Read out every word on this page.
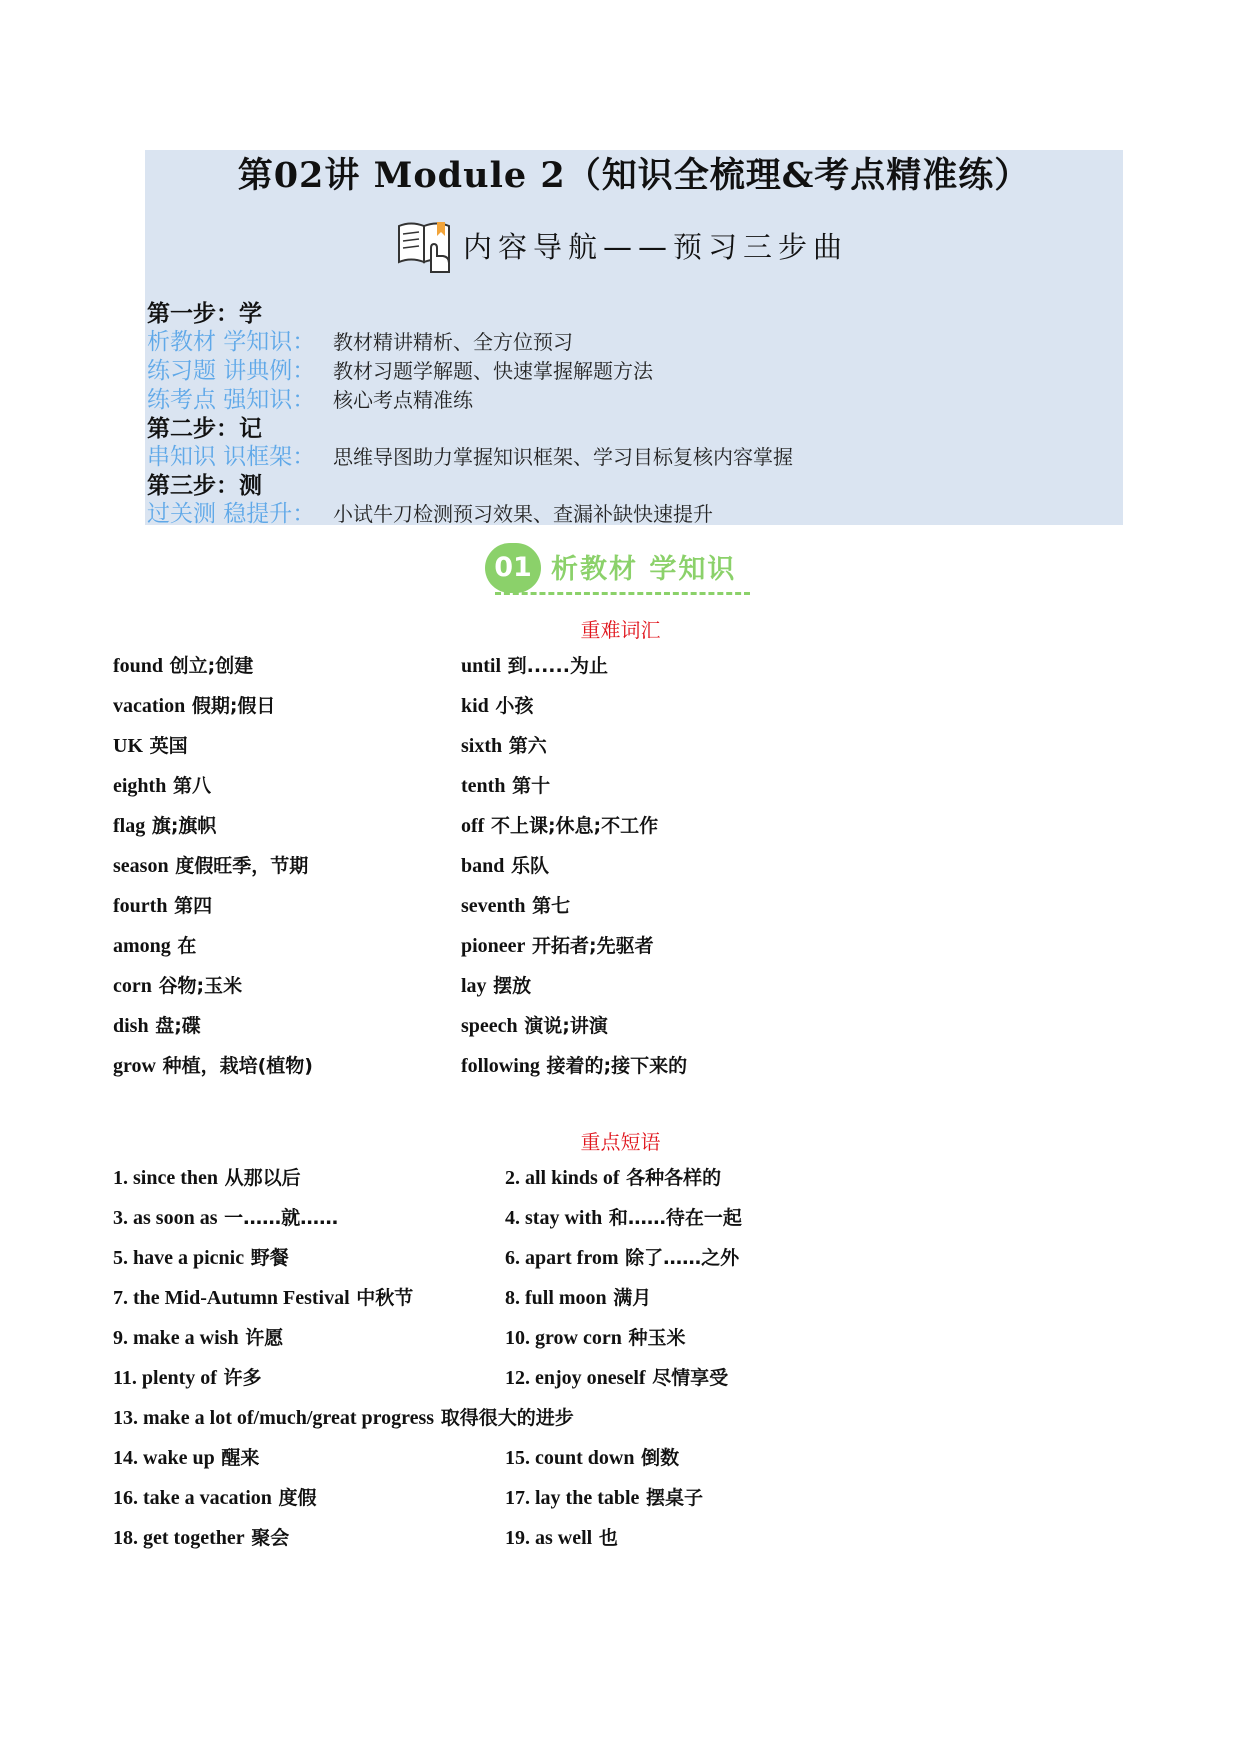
第02讲 Module 2（知识全梳理&考点精准练）
内容导航——预习三步曲
第一步：学
析教材 学知识： 教材精讲精析、全方位预习
练习题 讲典例： 教材习题学解题、快速掌握解题方法
练考点 强知识： 核心考点精准练
第二步：记
串知识 识框架： 思维导图助力掌握知识框架、学习目标复核内容掌握
第三步：测
过关测 稳提升： 小试牛刀检测预习效果、查漏补缺快速提升
01 析教材 学知识
重难词汇
found 创立;创建	until 到......为止
vacation 假期;假日	kid 小孩
UK 英国	sixth 第六
eighth 第八	tenth 第十
flag 旗;旗帜	off 不上课;休息;不工作
season 度假旺季，节期	band 乐队
fourth 第四	seventh 第七
among 在	pioneer 开拓者;先驱者
corn 谷物;玉米	lay 摆放
dish 盘;碟	speech 演说;讲演
grow 种植，栽培(植物)	following 接着的;接下来的
重点短语
1. since then 从那以后	2. all kinds of 各种各样的
3. as soon as 一……就……	4. stay with 和……待在一起
5. have a picnic 野餐	6. apart from 除了……之外
7. the Mid-Autumn Festival 中秋节	8. full moon 满月
9. make a wish 许愿	10. grow corn 种玉米
11. plenty of 许多	12. enjoy oneself 尽情享受
13. make a lot of/much/great progress 取得很大的进步
14. wake up 醒来	15. count down 倒数
16. take a vacation 度假	17. lay the table 摆桌子
18. get together 聚会	19. as well 也
